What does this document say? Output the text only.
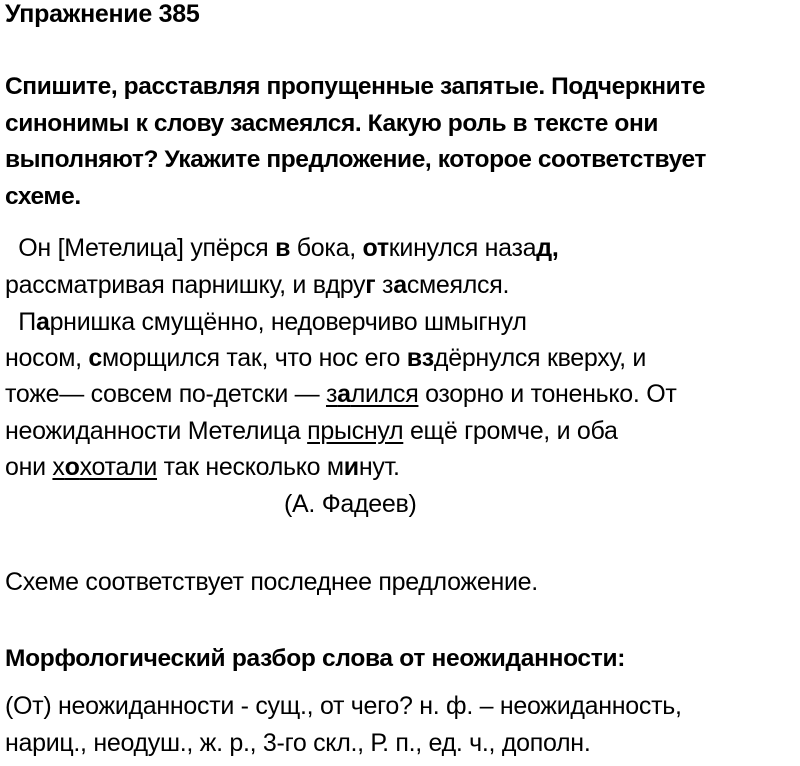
Упражнение 385
Спишите, расставляя пропущенные запятые. Подчеркните
синонимы к слову засмеялся. Какую роль в тексте они
выполняют? Укажите предложение, которое соответствует
схеме.
Он [Метелица] упёрся в бока, откинулся назад,
рассматривая парнишку, и вдруг засмеялся.
Парнишка смущённо, недоверчиво шмыгнул
носом, сморщился так, что нос его вздёрнулся кверху, и
тоже— совсем по-детски — залился озорно и тоненько. От
неожиданности Метелица прыснул ещё громче, и оба
они хохотали так несколько минут.
(А. Фадеев)
Схеме соответствует последнее предложение.
Морфологический разбор слова от неожиданности:
(От) неожиданности - сущ., от чего? н. ф. – неожиданность,
нариц., неодуш., ж. р., 3-го скл., Р. п., ед. ч., дополн.
